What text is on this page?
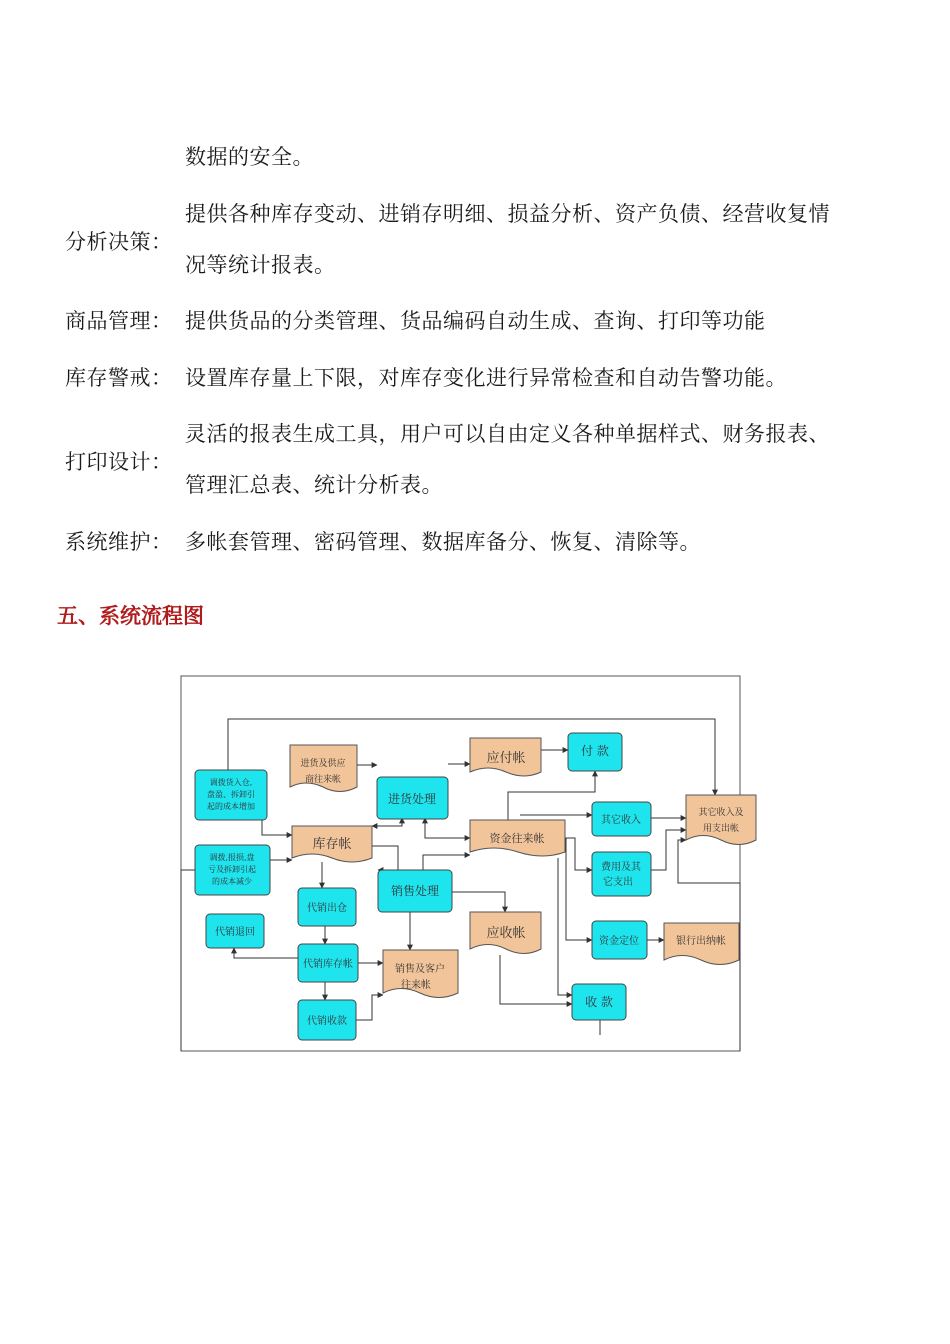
数据的安全。
分析决策：
提供各种库存变动、进销存明细、损益分析、资产负债、经营收复情
况等统计报表。
商品管理： 提供货品的分类管理、货品编码自动生成、查询、打印等功能
库存警戒： 设置库存量上下限，对库存变化进行异常检查和自动告警功能。
打印设计：
灵活的报表生成工具，用户可以自由定义各种单据样式、财务报表、
管理汇总表、统计分析表。
系统维护： 多帐套管理、密码管理、数据库备分、恢复、清除等。
五、系统流程图
库存帐
进货处理
进货及供应
商往来帐
应付帐	付 款
资金往来帐
其它收入
其它收入及
用支出帐
费用及其
它支出
销售处理
应收帐
资金定位	银行出纳帐
收 款
销售及客户
往来帐
代销出仓
代销退回
代销库存帐
代销收款
调拨货入仓,
盘盈、拆卸引
起的成本增加
调拨,报损,盘
亏及拆卸引起
的成本减少
